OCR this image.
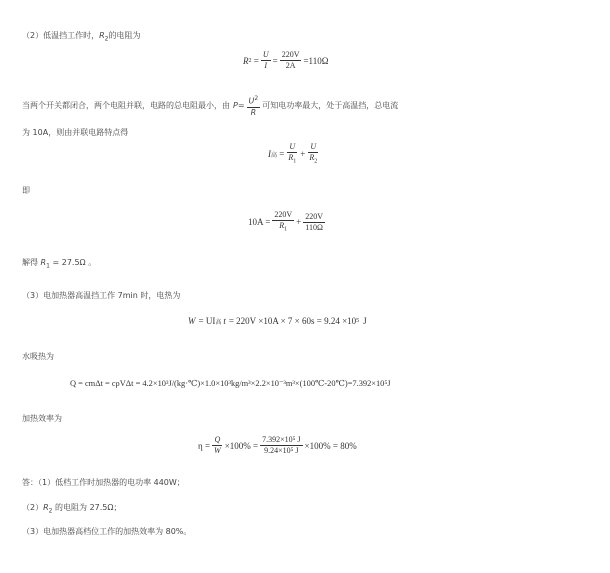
（2）低温挡工作时，$R_2$的电阻为
R $2 = \frac{U}{I} = \frac{220V}{2A} =110\Omega$
当两个开关都闭合，两个电阻并联，电路的总电阻最小，由 $P = \frac{U^2}{R}$ 可知电功率最大，处于高温挡，总电流
为 10A，则由并联电路特点得
I 高 = $\frac{U}{R_1} + \frac{U}{R_2}$
即
$10A = \frac{220V}{R_1} + \frac{220V}{110\Omega}$
解得 $R_1 = 27.5\Omega$ 。
（3）电加热器高温挡工作 7min 时，电热为
W = UI 高 t = 220V ×10A × 7 × 60s = 9.24 ×10 5 J
水吸热为
Q = cmΔt = cρVΔt = 4.2×10³J/(kg·℃)×1.0×10³kg/m³×2.2×10⁻³m³×(100℃-20℃)=7.392×10⁵J
加热效率为
$\eta = \frac{Q}{W} \times 100\% = \frac{\text{7.392×10⁵ J}}{\text{9.24×10⁵ J}} \times 100\% = 80\%$
答：（1）低档工作时加热器的电功率 440W；
$(2)R_2$ 的电阻为 27.5Ω；
（3）电加热器高档位工作的加热效率为 80%。
